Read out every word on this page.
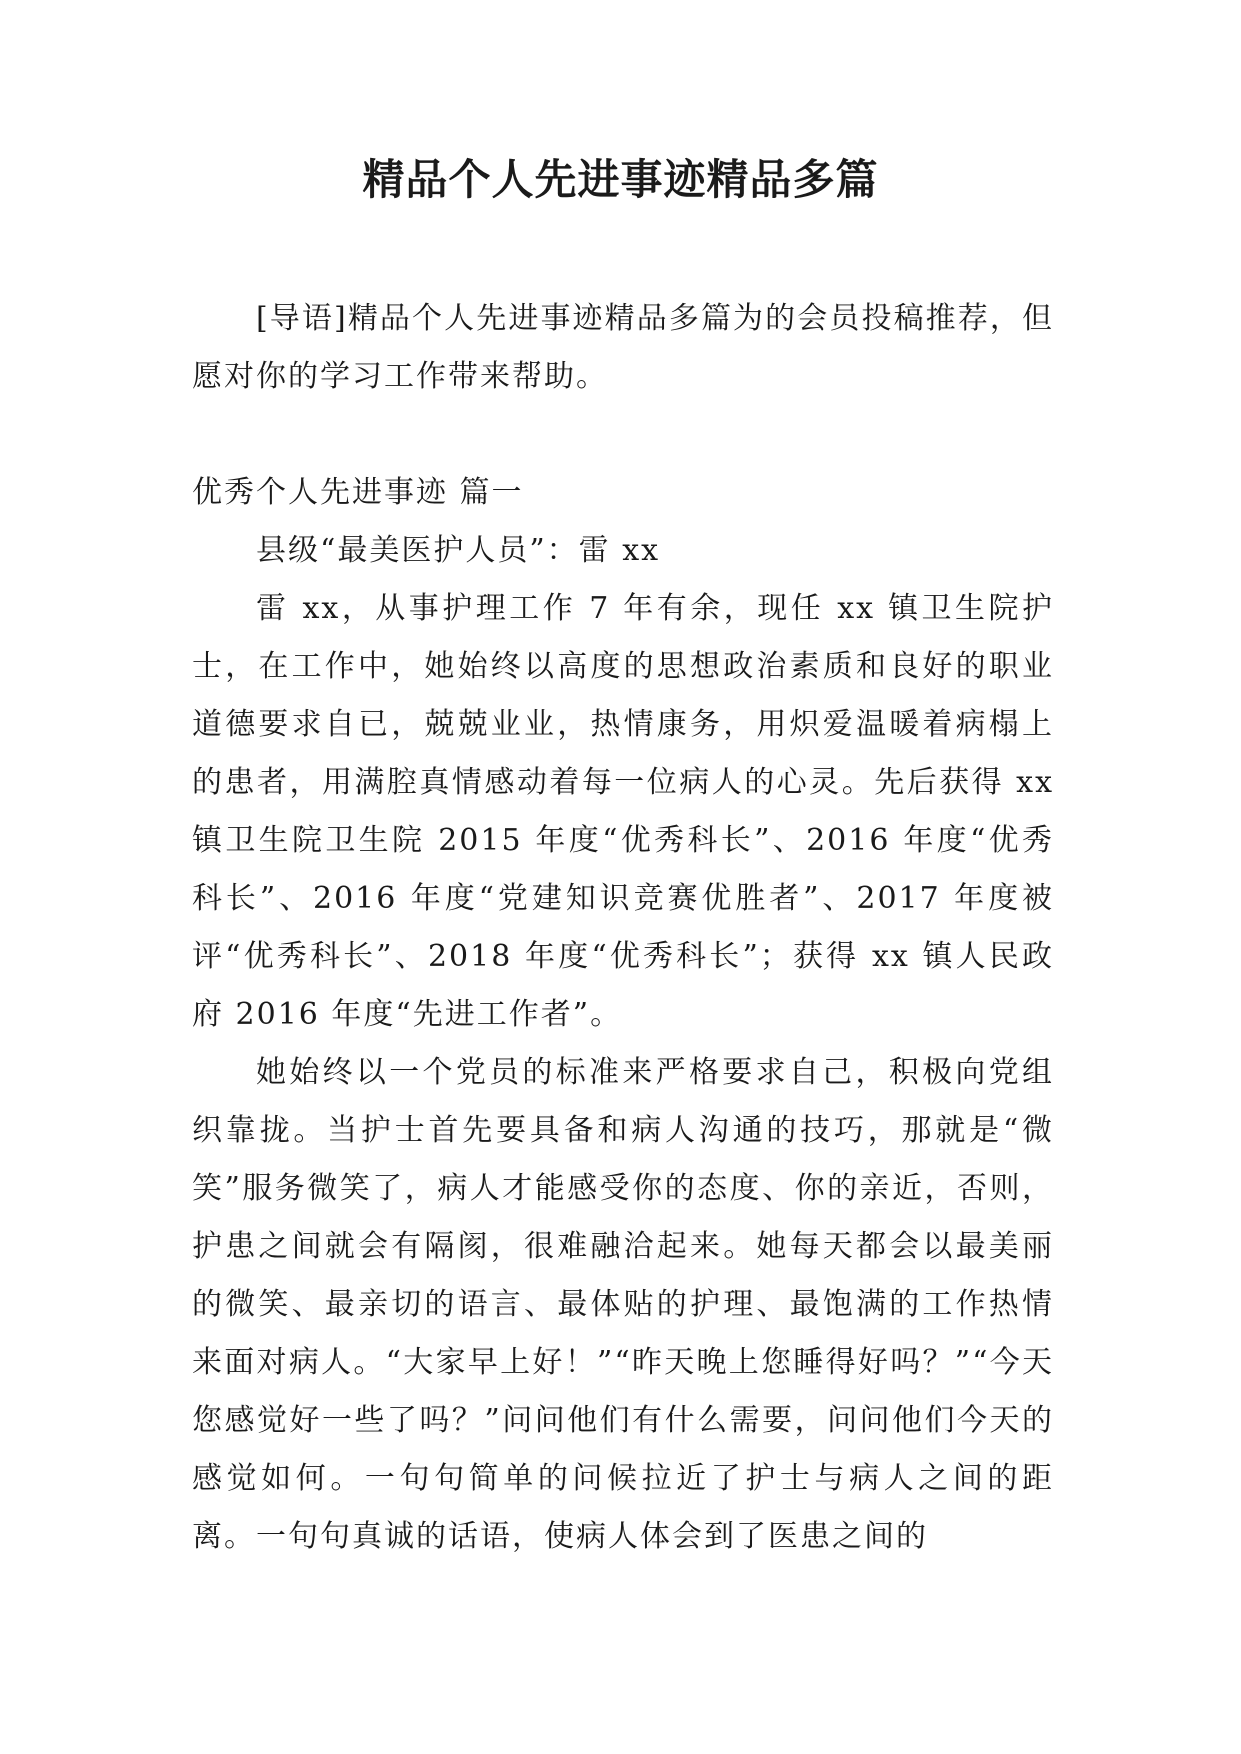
精品个人先进事迹精品多篇

[导语]精品个人先进事迹精品多篇为的会员投稿推荐，但愿对你的学习工作带来帮助。

优秀个人先进事迹 篇一

县级“最美医护人员”：雷 xx

雷 xx，从事护理工作 7 年有余，现任 xx 镇卫生院护士，在工作中，她始终以高度的思想政治素质和良好的职业道德要求自已，兢兢业业，热情康务，用炽爱温暖着病榻上的患者，用满腔真情感动着每一位病人的心灵。先后获得 xx 镇卫生院卫生院 2015 年度“优秀科长”、2016 年度“优秀科长”、2016 年度“党建知识竞赛优胜者”、2017 年度被评“优秀科长”、2018 年度“优秀科长”；获得 xx 镇人民政府 2016 年度“先进工作者”。

她始终以一个党员的标准来严格要求自己，积极向党组织靠拢。当护士首先要具备和病人沟通的技巧，那就是“微笑”服务微笑了，病人才能感受你的态度、你的亲近，否则，护患之间就会有隔阂，很难融洽起来。她每天都会以最美丽的微笑、最亲切的语言、最体贴的护理、最饱满的工作热情来面对病人。“大家早上好！”“昨天晚上您睡得好吗？”“今天您感觉好一些了吗？”问问他们有什么需要，问问他们今天的感觉如何。一句句简单的问候拉近了护士与病人之间的距离。一句句真诚的话语，使病人体会到了医患之间的
